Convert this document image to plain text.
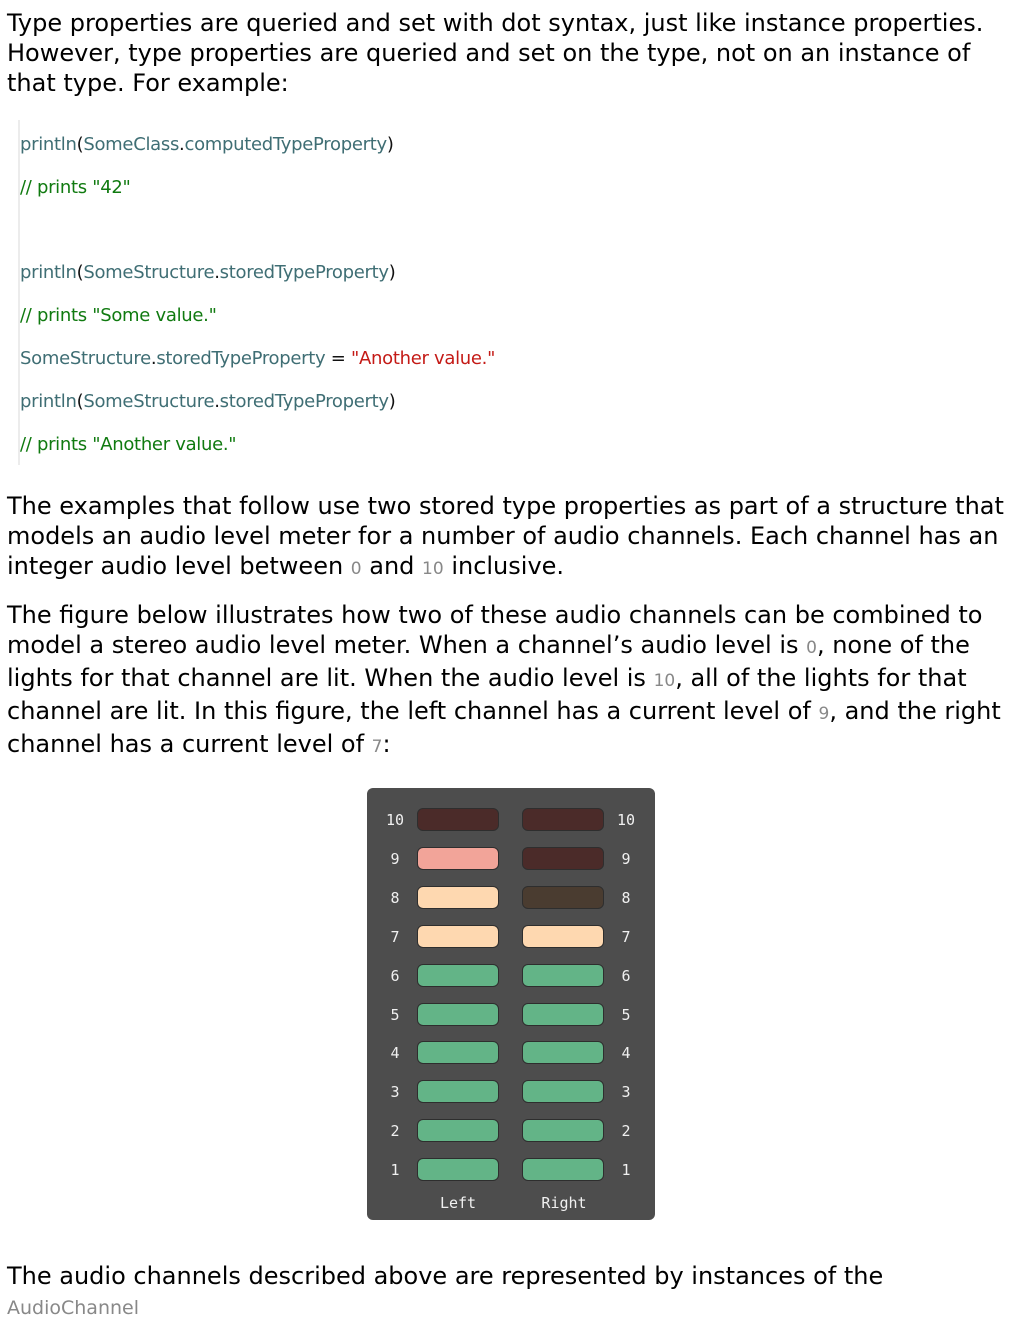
Type properties are queried and set with dot syntax, just like instance properties. However, type properties are queried and set on the type, not on an instance of that type. For example:

println(SomeClass.computedTypeProperty)
// prints "42"
println(SomeStructure.storedTypeProperty)
// prints "Some value."
SomeStructure.storedTypeProperty = "Another value."
println(SomeStructure.storedTypeProperty)
// prints "Another value."

The examples that follow use two stored type properties as part of a structure that models an audio level meter for a number of audio channels. Each channel has an integer audio level between 0 and 10 inclusive.

The figure below illustrates how two of these audio channels can be combined to model a stereo audio level meter. When a channel’s audio level is 0, none of the lights for that channel are lit. When the audio level is 10, all of the lights for that channel are lit. In this figure, the left channel has a current level of 9, and the right channel has a current level of 7:

Left	Right
10	10
9	9
8	8
7	7
6	6
5	5
4	4
3	3
2	2
1	1

The audio channels described above are represented by instances of the AudioChannel
